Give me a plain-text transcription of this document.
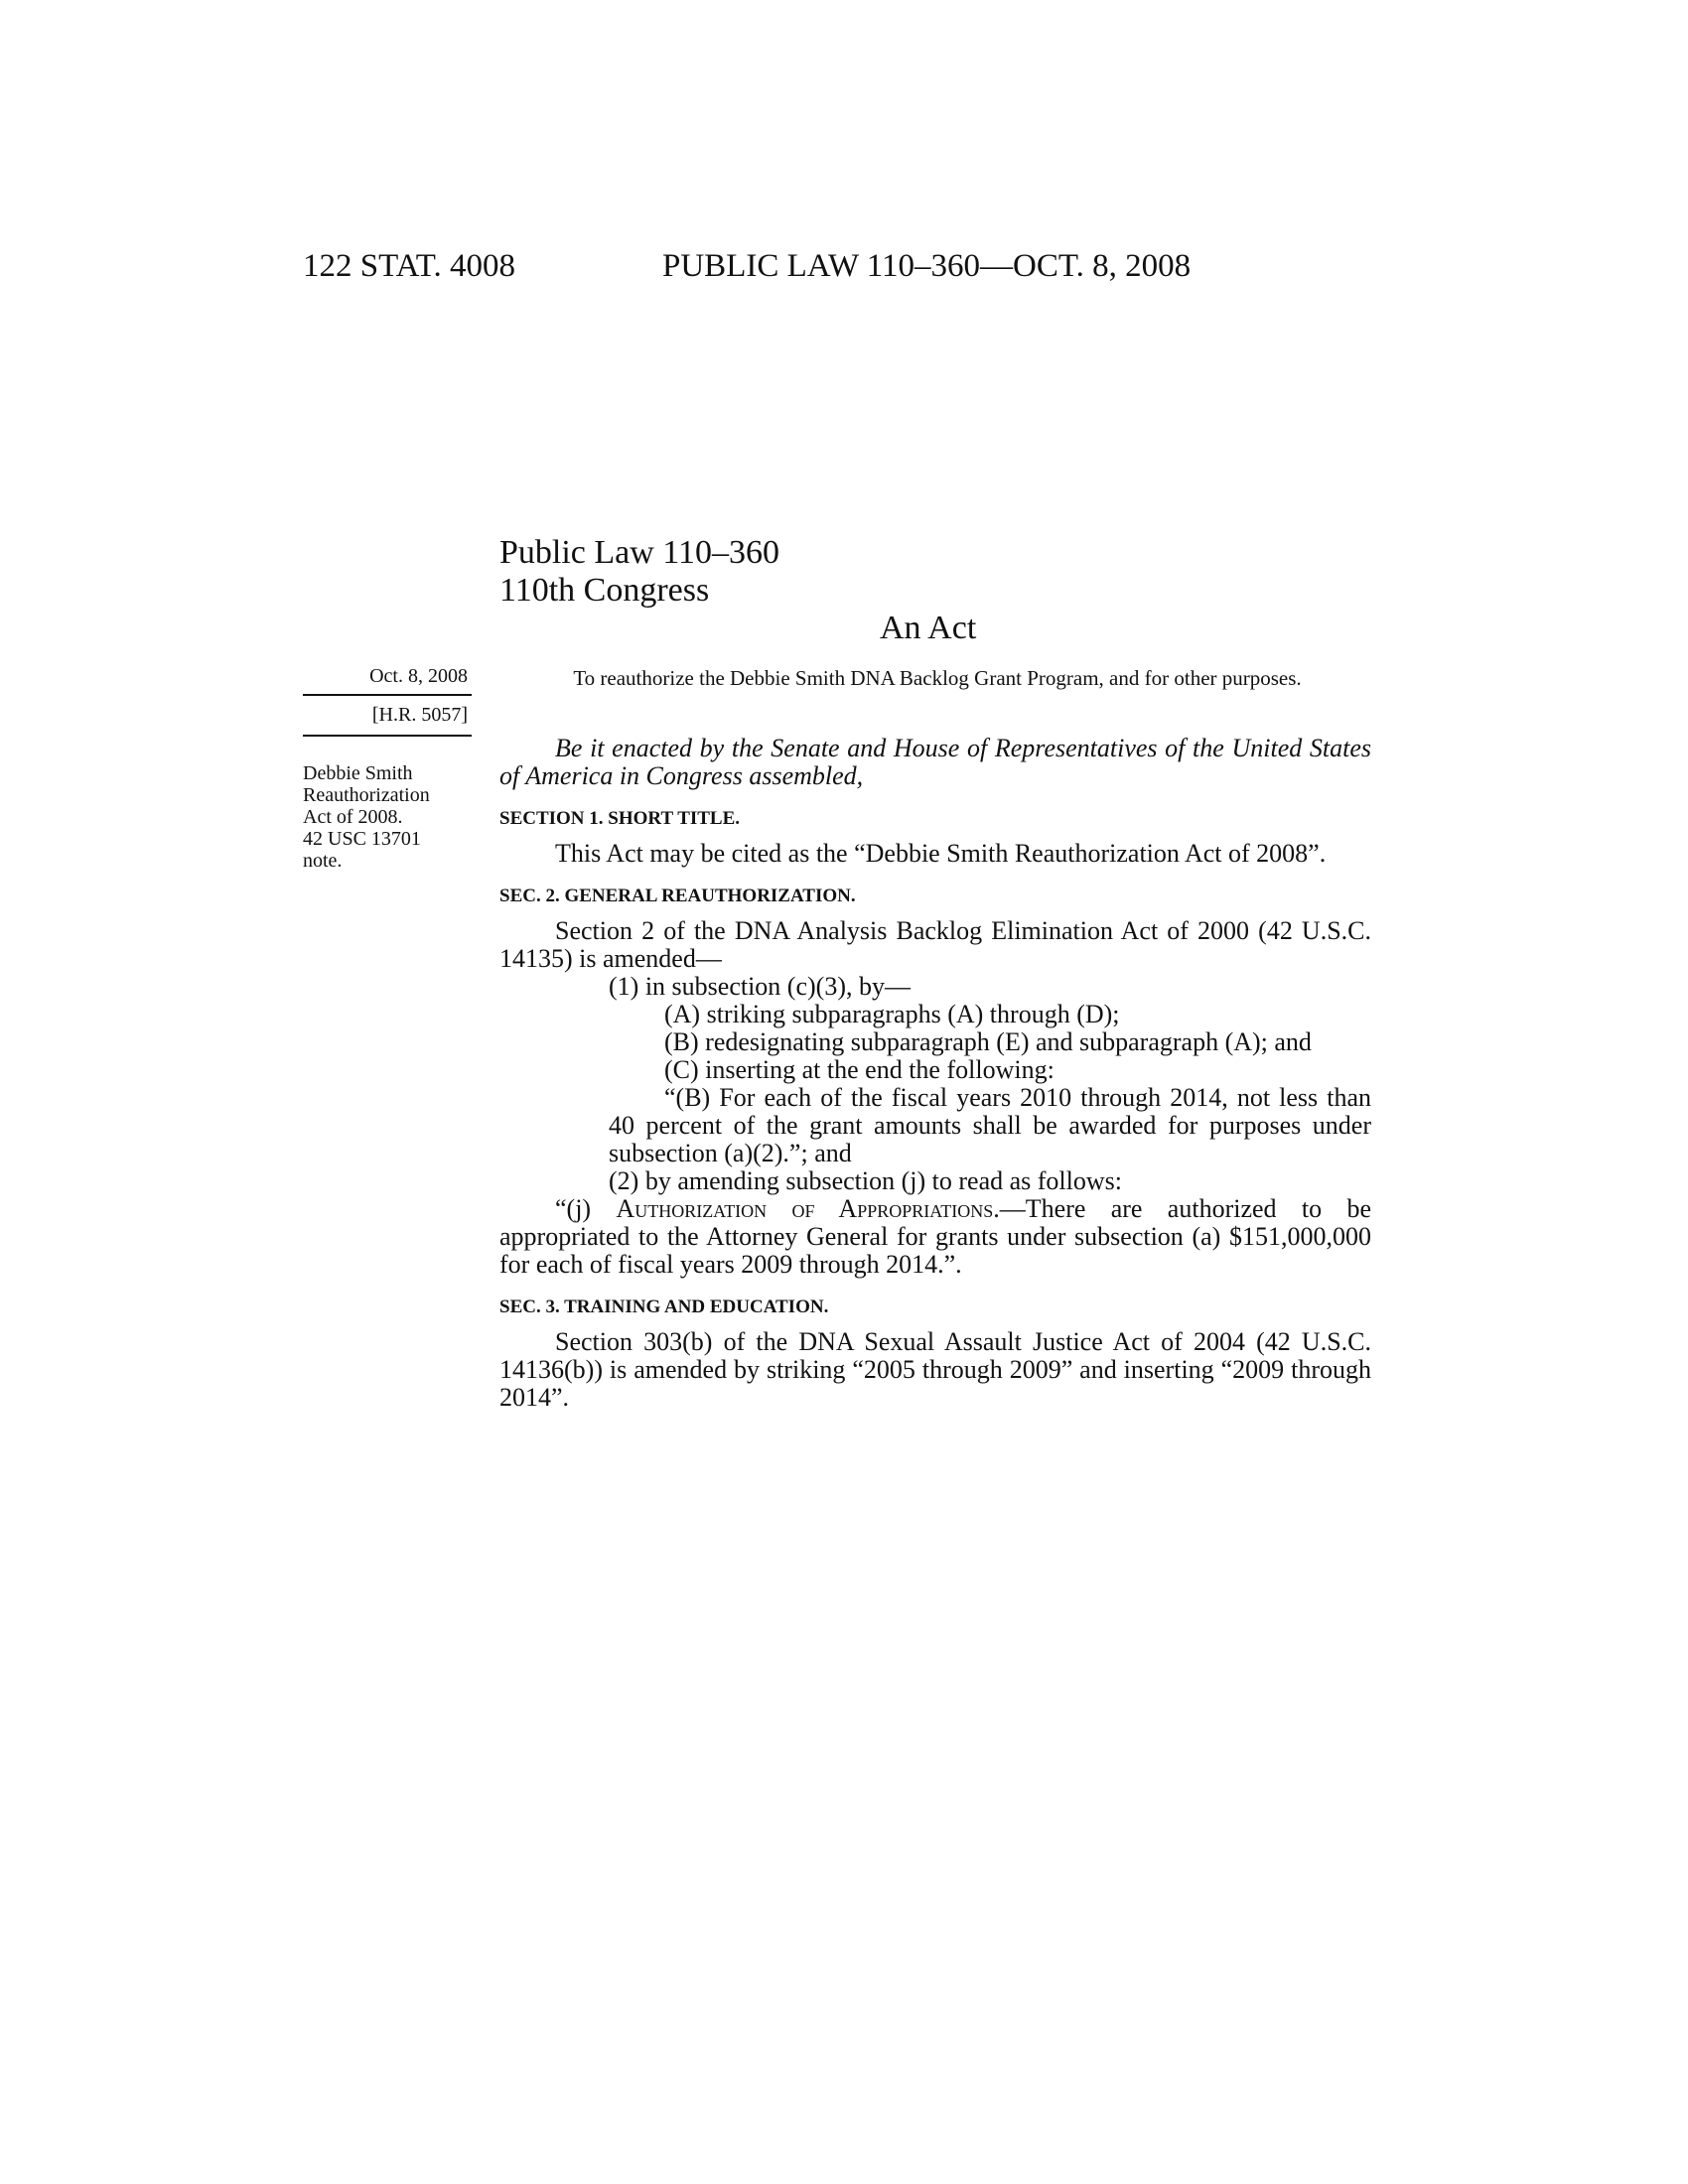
122 STAT. 4008	PUBLIC LAW 110–360—OCT. 8, 2008
Public Law 110–360
110th Congress
An Act
Oct. 8, 2008
[H.R. 5057]
Debbie Smith
Reauthorization
Act of 2008.
42 USC 13701
note.
To reauthorize the Debbie Smith DNA Backlog Grant Program, and for other purposes.

Be it enacted by the Senate and House of Representatives of the United States of America in Congress assembled,

SECTION 1. SHORT TITLE.

This Act may be cited as the “Debbie Smith Reauthorization Act of 2008”.

SEC. 2. GENERAL REAUTHORIZATION.

Section 2 of the DNA Analysis Backlog Elimination Act of 2000 (42 U.S.C. 14135) is amended—

(1) in subsection (c)(3), by—

(A) striking subparagraphs (A) through (D);

(B) redesignating subparagraph (E) and subparagraph (A); and

(C) inserting at the end the following:

“(B) For each of the fiscal years 2010 through 2014, not less than 40 percent of the grant amounts shall be awarded for purposes under subsection (a)(2).”; and

(2) by amending subsection (j) to read as follows:

“(j) Authorization of Appropriations.—There are authorized to be appropriated to the Attorney General for grants under subsection (a) $151,000,000 for each of fiscal years 2009 through 2014.”.

SEC. 3. TRAINING AND EDUCATION.

Section 303(b) of the DNA Sexual Assault Justice Act of 2004 (42 U.S.C. 14136(b)) is amended by striking “2005 through 2009” and inserting “2009 through 2014”.
